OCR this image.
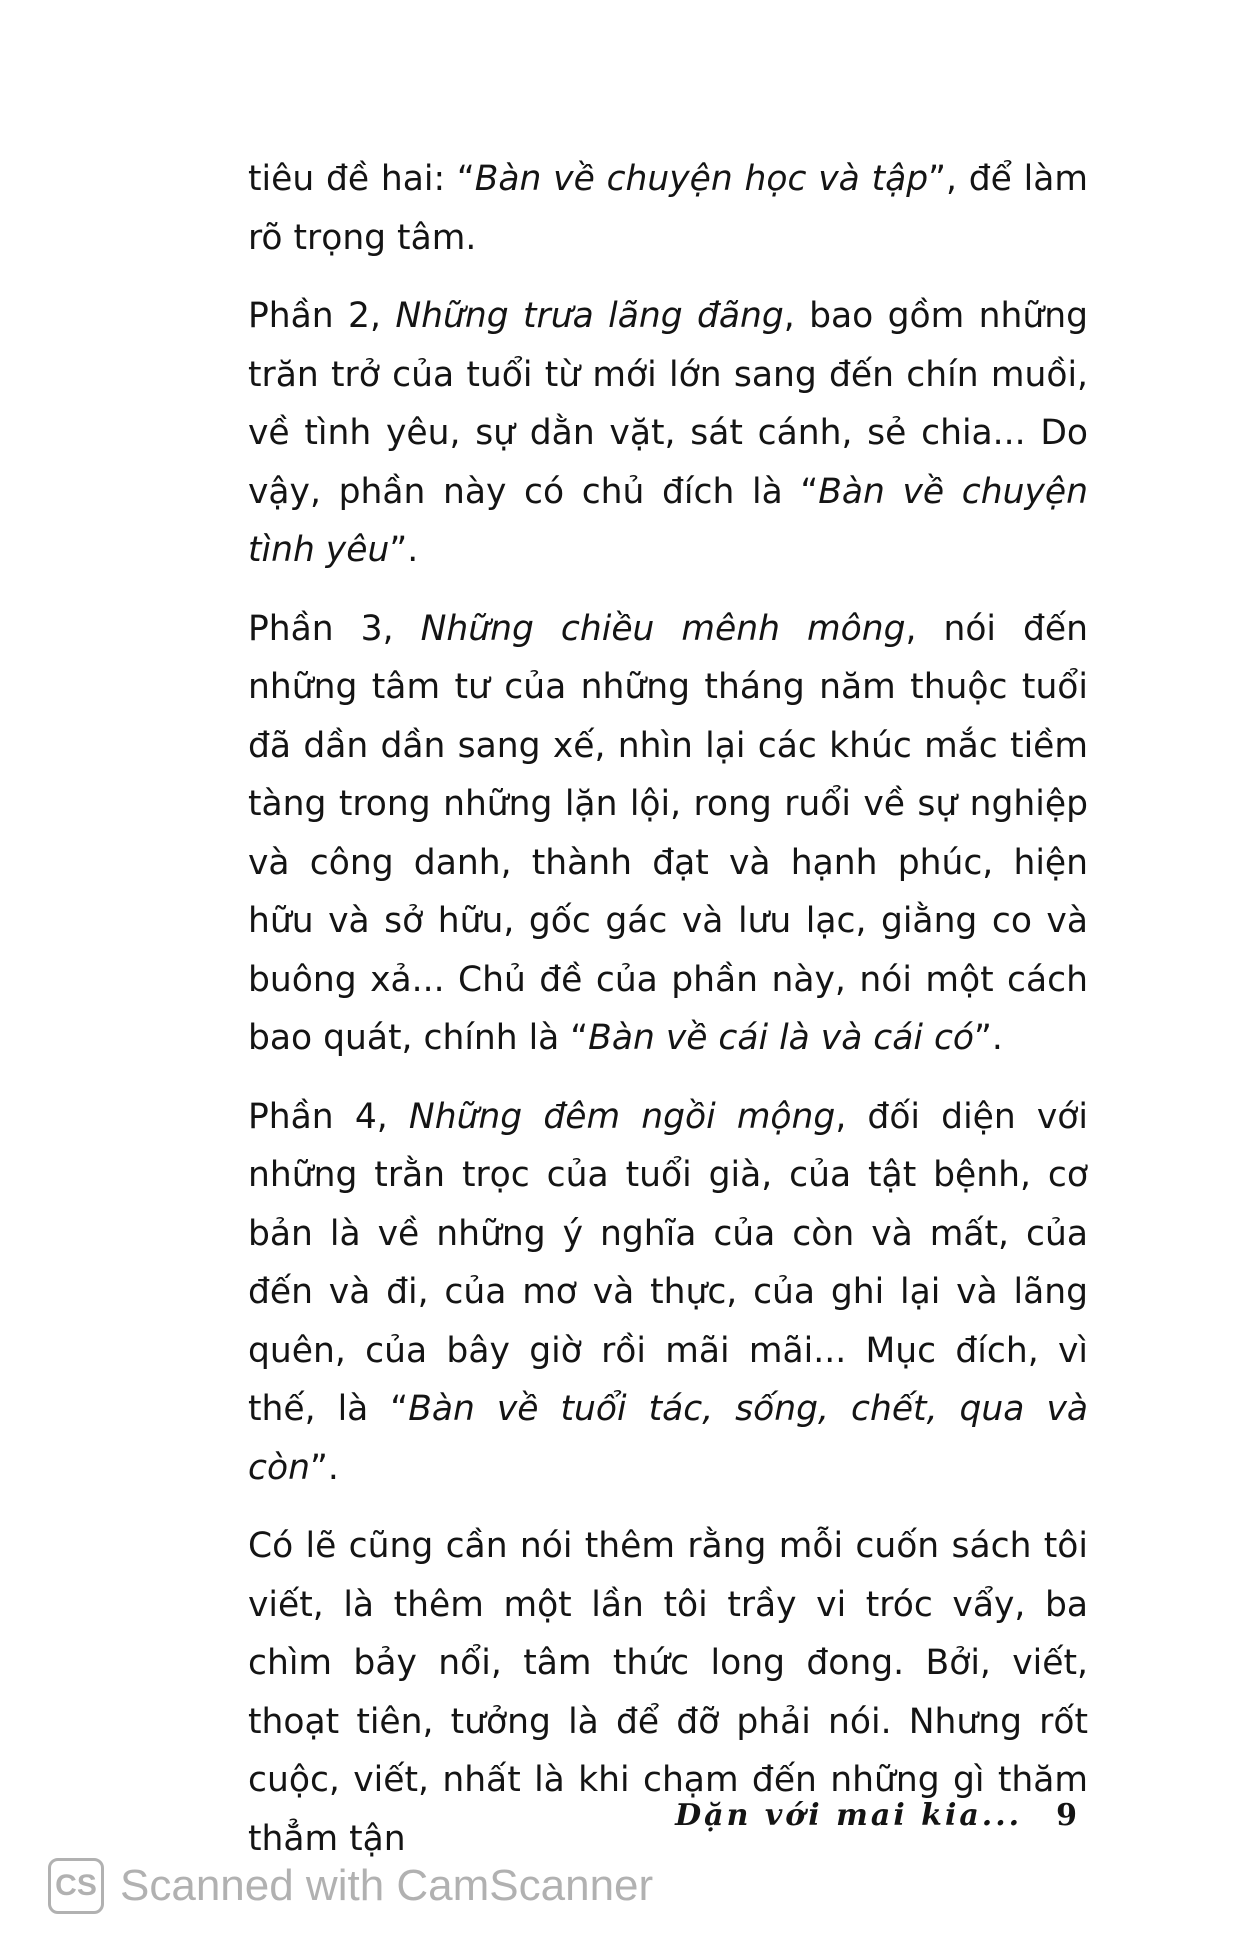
tiêu đề hai: “Bàn về chuyện học và tập”, để làm rõ trọng tâm.

Phần 2, Những trưa lãng đãng, bao gồm những trăn trở của tuổi từ mới lớn sang đến chín muồi, về tình yêu, sự dằn vặt, sát cánh, sẻ chia... Do vậy, phần này có chủ đích là “Bàn về chuyện tình yêu”.

Phần 3, Những chiều mênh mông, nói đến những tâm tư của những tháng năm thuộc tuổi đã dần dần sang xế, nhìn lại các khúc mắc tiềm tàng trong những lặn lội, rong ruổi về sự nghiệp và công danh, thành đạt và hạnh phúc, hiện hữu và sở hữu, gốc gác và lưu lạc, giằng co và buông xả... Chủ đề của phần này, nói một cách bao quát, chính là “Bàn về cái là và cái có”.

Phần 4, Những đêm ngồi mộng, đối diện với những trằn trọc của tuổi già, của tật bệnh, cơ bản là về những ý nghĩa của còn và mất, của đến và đi, của mơ và thực, của ghi lại và lãng quên, của bây giờ rồi mãi mãi... Mục đích, vì thế, là “Bàn về tuổi tác, sống, chết, qua và còn”.

Có lẽ cũng cần nói thêm rằng mỗi cuốn sách tôi viết, là thêm một lần tôi trầy vi tróc vẩy, ba chìm bảy nổi, tâm thức long đong. Bởi, viết, thoạt tiên, tưởng là để đỡ phải nói. Nhưng rốt cuộc, viết, nhất là khi chạm đến những gì thăm thẳm tận

Dặn với mai kia... 9
CS Scanned with CamScanner
